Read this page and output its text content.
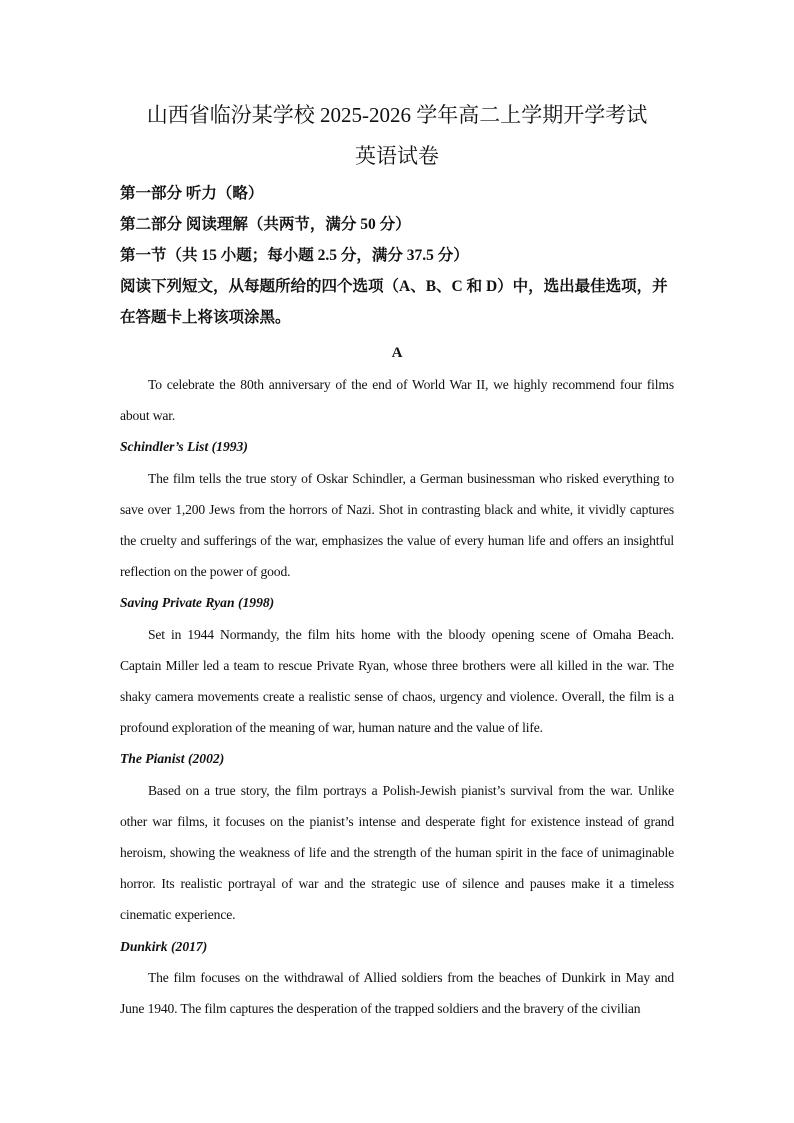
山西省临汾某学校 2025-2026 学年高二上学期开学考试
英语试卷

第一部分 听力（略）

第二部分 阅读理解（共两节，满分 50 分）

第一节（共 15 小题；每小题 2.5 分，满分 37.5 分）

阅读下列短文，从每题所给的四个选项（A、B、C 和 D）中，选出最佳选项，并在答题卡上将该项涂黑。

A

To celebrate the 80th anniversary of the end of World War II, we highly recommend four films about war.

Schindler’s List (1993)

The film tells the true story of Oskar Schindler, a German businessman who risked everything to save over 1,200 Jews from the horrors of Nazi. Shot in contrasting black and white, it vividly captures the cruelty and sufferings of the war, emphasizes the value of every human life and offers an insightful reflection on the power of good.

Saving Private Ryan (1998)

Set in 1944 Normandy, the film hits home with the bloody opening scene of Omaha Beach. Captain Miller led a team to rescue Private Ryan, whose three brothers were all killed in the war. The shaky camera movements create a realistic sense of chaos, urgency and violence. Overall, the film is a profound exploration of the meaning of war, human nature and the value of life.

The Pianist (2002)

Based on a true story, the film portrays a Polish-Jewish pianist’s survival from the war. Unlike other war films, it focuses on the pianist’s intense and desperate fight for existence instead of grand heroism, showing the weakness of life and the strength of the human spirit in the face of unimaginable horror. Its realistic portrayal of war and the strategic use of silence and pauses make it a timeless cinematic experience.

Dunkirk (2017)

The film focuses on the withdrawal of Allied soldiers from the beaches of Dunkirk in May and June 1940. The film captures the desperation of the trapped soldiers and the bravery of the civilian
